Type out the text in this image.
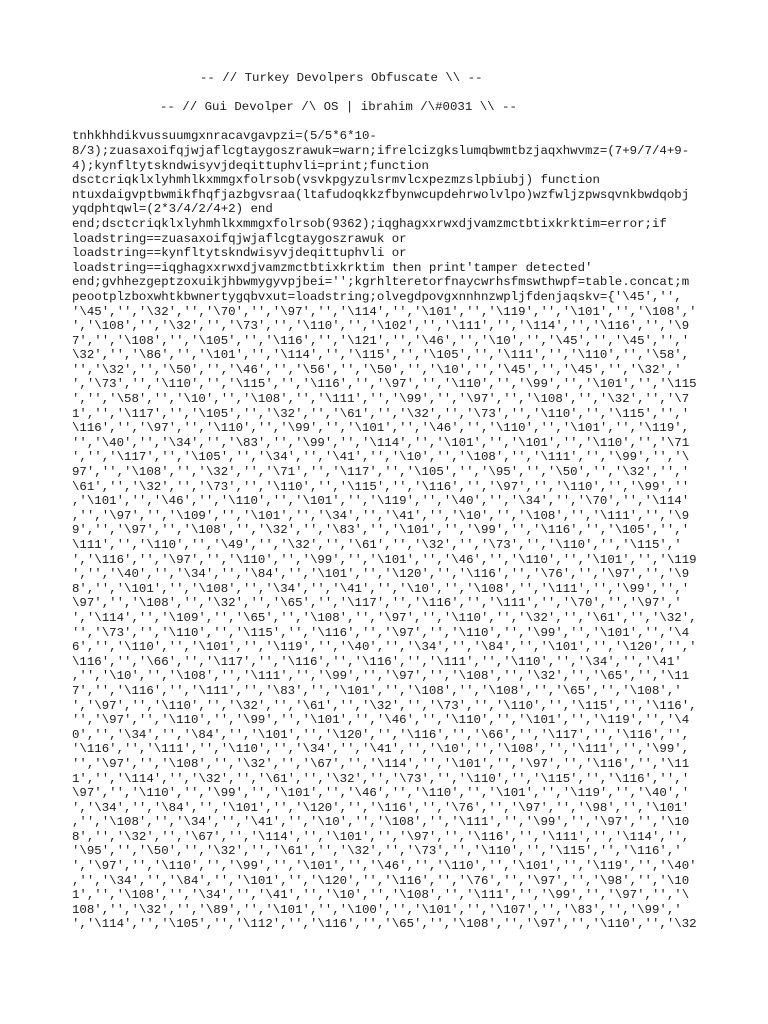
-- // Turkey Devolpers Obfuscate \\ --
-- // Gui Devolper /\ OS | ibrahim /\#0031 \\ --
tnhkhhdikvussuumgxnracavgavpzi=(5/5*6*10-
8/3);zuasaxoifqjwjaflcgtaygoszrawuk=warn;ifrelcizgkslumqbwmtbzjaqxhwvmz=(7+9/7/4+9-
4);kynfltytskndwisyvjdeqittuphvli=print;function
dsctcriqklxlyhmhlkxmmgxfolrsob(vsvkpgyzulsrmvlcxpezmzslpbiubj) function
ntuxdaigvptbwmikfhqfjazbgvsraa(ltafudoqkkzfbynwcupdehrwolvlpo)wzfwljzpwsqvnkbwdqobj
yqdphtqwl=(2*3/4/2/4+2) end
end;dsctcriqklxlyhmhlkxmmgxfolrsob(9362);iqghagxxrwxdjvamzmctbtixkrktim=error;if
loadstring==zuasaxoifqjwjaflcgtaygoszrawuk or
loadstring==kynfltytskndwisyvjdeqittuphvli or
loadstring==iqghagxxrwxdjvamzmctbtixkrktim then print'tamper detected'
end;gvhhezgeptzoxuikjhbwmygyvpjbei='';kgrhlteretorfnaycwrhsfmswthwpf=table.concat;m
peootplzboxwhtkbwnertygqbvxut=loadstring;olvegdpovgxnnhnzwpljfdenjaqskv={'\45','',
'\45','','\32','','\70','','\97','','\114','','\101','','\119','','\101','','\108','
','\108','','\32','','\73','','\110','','\102','','\111','','\114','','\116','','\9
7','','\108','','\105','','\116','','\121','','\46','','\10','','\45','','\45','','
\32','','\86','','\101','','\114','','\115','','\105','','\111','','\110','','\58',
'','\32','','\50','','\46','','\56','','\50','','\10','','\45','','\45','','\32','
','\73','','\110','','\115','','\116','','\97','','\110','','\99','','\101','','\115
','','\58','','\10','','\108','','\111','','\99','','\97','','\108','','\32','','\7
1','','\117','','\105','','\32','','\61','','\32','','\73','','\110','','\115','','
\116','','\97','','\110','','\99','','\101','','\46','','\110','','\101','','\119',
'','\40','','\34','','\83','','\99','','\114','','\101','','\101','','\110','','\71
','','\117','','\105','','\34','','\41','','\10','','\108','','\111','','\99','','\
97','','\108','','\32','','\71','','\117','','\105','','\95','','\50','','\32','','
\61','','\32','','\73','','\110','','\115','','\116','','\97','','\110','','\99',''
,'\101','','\46','','\110','','\101','','\119','','\40','','\34','','\70','','\114'
,'','\97','','\109','','\101','','\34','','\41','','\10','','\108','','\111','','\9
9','','\97','','\108','','\32','','\83','','\101','','\99','','\116','','\105','','
\111','','\110','','\49','','\32','','\61','','\32','','\73','','\110','','\115','
','\116','','\97','','\110','','\99','','\101','','\46','','\110','','\101','','\119
','','\40','','\34','','\84','','\101','','\120','','\116','','\76','','\97','','\9
8','','\101','','\108','','\34','','\41','','\10','','\108','','\111','','\99','','
\97','','\108','','\32','','\65','','\117','','\116','','\111','','\70','','\97','
','\114','','\109','','\65','','\108','','\97','','\110','','\32','','\61','','\32',
'','\73','','\110','','\115','','\116','','\97','','\110','','\99','','\101','','\4
6','','\110','','\101','','\119','','\40','','\34','','\84','','\101','','\120','','
\116','','\66','','\117','','\116','','\116','','\111','','\110','','\34','','\41'
,'','\10','','\108','','\111','','\99','','\97','','\108','','\32','','\65','','\11
7','','\116','','\111','','\83','','\101','','\108','','\108','','\65','','\108','
','\97','','\110','','\32','','\61','','\32','','\73','','\110','','\115','','\116',
'','\97','','\110','','\99','','\101','','\46','','\110','','\101','','\119','','\4
0','','\34','','\84','','\101','','\120','','\116','','\66','','\117','','\116','',
'\116','','\111','','\110','','\34','','\41','','\10','','\108','','\111','','\99',
'','\97','','\108','','\32','','\67','','\114','','\101','','\97','','\116','','\11
1','','\114','','\32','','\61','','\32','','\73','','\110','','\115','','\116','','
\97','','\110','','\99','','\101','','\46','','\110','','\101','','\119','','\40','
','\34','','\84','','\101','','\120','','\116','','\76','','\97','','\98','','\101'
,'','\108','','\34','','\41','','\10','','\108','','\111','','\99','','\97','','\10
8','','\32','','\67','','\114','','\101','','\97','','\116','','\111','','\114','',
'\95','','\50','','\32','','\61','','\32','','\73','','\110','','\115','','\116','
','\97','','\110','','\99','','\101','','\46','','\110','','\101','','\119','','\40'
,'','\34','','\84','','\101','','\120','','\116','','\76','','\97','','\98','','\10
1','','\108','','\34','','\41','','\10','','\108','','\111','','\99','','\97','','\
108','','\32','','\89','','\101','','\100','','\101','','\107','','\83','','\99','
','\114','','\105','','\112','','\116','','\65','','\108','','\97','','\110','','\32
